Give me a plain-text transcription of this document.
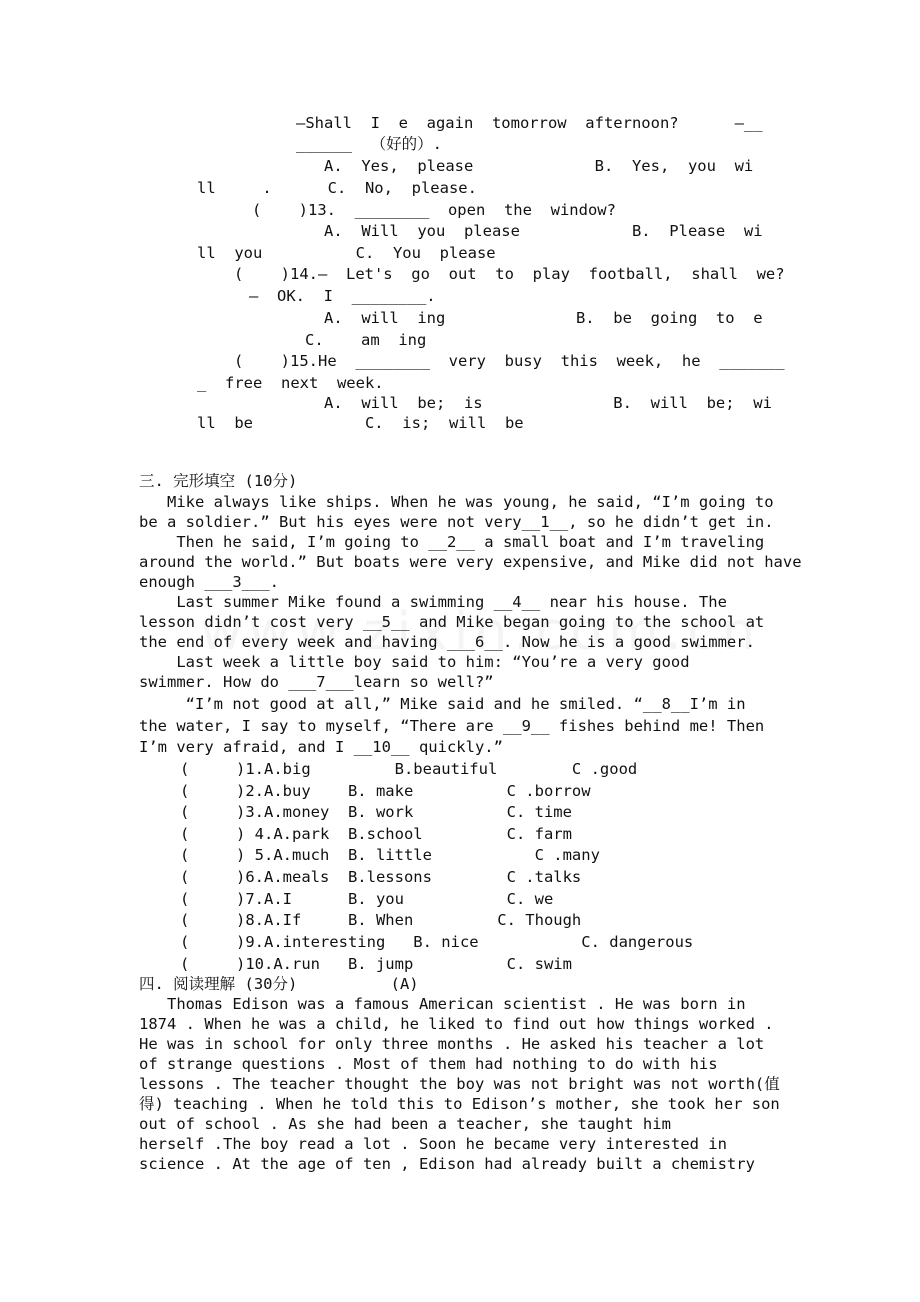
—Shall  I  e  again  tomorrow  afternoon?      —__
______  （好的）.
A.  Yes,  please             B.  Yes,  you  wi
ll     .      C.  No,  please.
(    )13.  ________  open  the  window?
A.  Will  you  please            B.  Please  wi
ll  you          C.  You  please
(    )14.—  Let's  go  out  to  play  football,  shall  we?
—  OK.  I  ________.
A.  will  ing              B.  be  going  to  e
C.    am  ing
(    )15.He  ________  very  busy  this  week,  he  _______
_  free  next  week.
A.  will  be;  is              B.  will  be;  wi
ll  be            C.  is;  will  be
三. 完形填空 (10分)
Mike always like ships. When he was young, he said, “I’m going to
be a soldier.” But his eyes were not very__1__, so he didn’t get in.
Then he said, I’m going to __2__ a small boat and I’m traveling
around the world.” But boats were very expensive, and Mike did not have
enough ___3___.
Last summer Mike found a swimming __4__ near his house. The
lesson didn’t cost very __5__ and Mike began going to the school at
the end of every week and having ___6__. Now he is a good swimmer.
Last week a little boy said to him: “You’re a very good
swimmer. How do ___7___learn so well?”
“I’m not good at all,” Mike said and he smiled. “__8__I’m in
the water, I say to myself, “There are __9__ fishes behind me! Then
I’m very afraid, and I __10__ quickly.”
(     )1.A.big         B.beautiful        C .good
(     )2.A.buy    B. make          C .borrow
(     )3.A.money  B. work          C. time
(     ) 4.A.park  B.school         C. farm
(     ) 5.A.much  B. little           C .many
(     )6.A.meals  B.lessons        C .talks
(     )7.A.I      B. you           C. we
(     )8.A.If     B. When         C. Though
(     )9.A.interesting   B. nice           C. dangerous
(     )10.A.run   B. jump          C. swim
四. 阅读理解 (30分)          (A)
Thomas Edison was a famous American scientist . He was born in
1874 . When he was a child, he liked to find out how things worked .
He was in school for only three months . He asked his teacher a lot
of strange questions . Most of them had nothing to do with his
lessons . The teacher thought the boy was not bright was not worth(值
得) teaching . When he told this to Edison’s mother, she took her son
out of school . As she had been a teacher, she taught him
herself .The boy read a lot . Soon he became very interested in
science . At the age of ten , Edison had already built a chemistry
